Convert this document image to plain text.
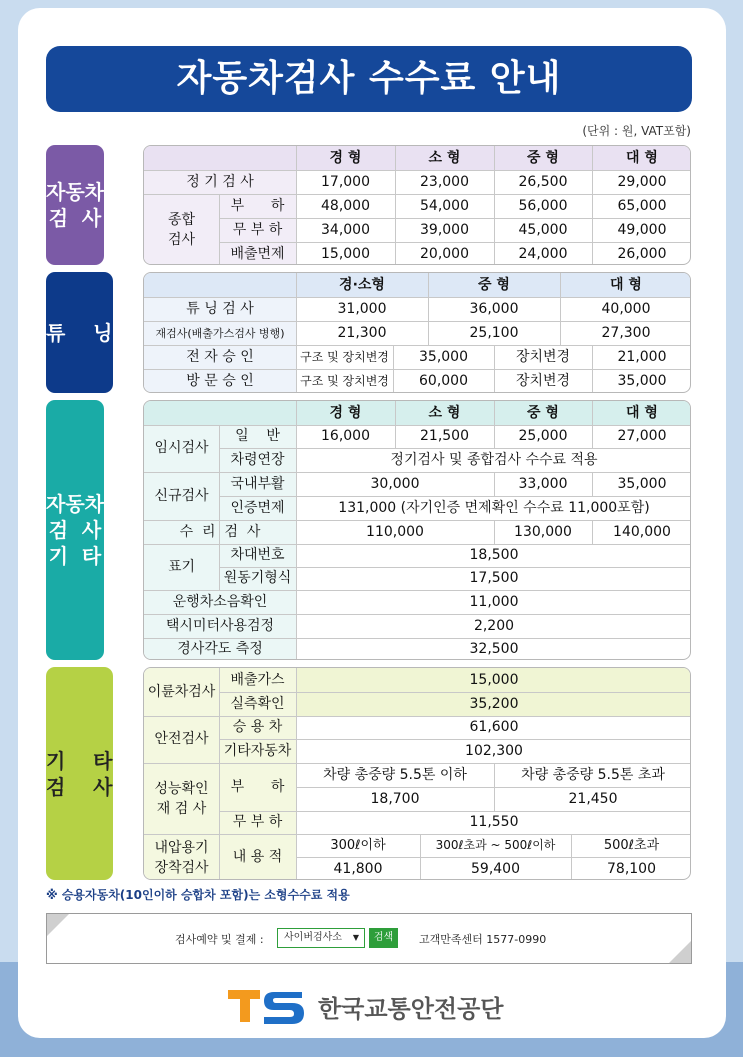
자동차검사 수수료 안내
(단위 : 원, VAT포함)
자동차
검  사
튜    닝
자동차
검  사
기  타
기    타
검    사
경 형	소 형	중 형	대 형
정 기 검 사	17,000	23,000	26,500	29,000
종합
검사
부      하	48,000	54,000	56,000	65,000
무 부 하	34,000	39,000	45,000	49,000
배출면제	15,000	20,000	24,000	26,000
경·소형	중 형	대 형
튜 닝 검 사	31,000	36,000	40,000
재검사(배출가스검사 병행)	21,300	25,100	27,300
전 자 승 인	구조 및 장치변경	35,000	장치변경	21,000
방 문 승 인	구조 및 장치변경	60,000	장치변경	35,000
경 형	소 형	중 형	대 형
임시검사
일    반	16,000	21,500	25,000	27,000
차령연장	정기검사 및 종합검사 수수료 적용
신규검사
국내부활	30,000	33,000	35,000
인증면제	131,000 (자기인증 면제확인 수수료 11,000포함)
수  리  검  사	110,000	130,000	140,000
표기
차대번호	18,500
원동기형식	17,500
운행차소음확인	11,000
택시미터사용검정	2,200
경사각도 측정	32,500
이륜차검사
배출가스	15,000
실측확인	35,200
안전검사
승 용 차	61,600
기타자동차	102,300
성능확인
재 검 사
부      하
차량 총중량 5.5톤 이하	차량 총중량 5.5톤 초과
18,700	21,450
무 부 하	11,550
내압용기
장착검사
내 용 적
300ℓ이하	300ℓ초과 ~ 500ℓ이하	500ℓ초과
41,800	59,400	78,100
※ 승용자동차(10인이하 승합차 포함)는 소형수수료 적용
검사예약 및 결제 :	사이버검사소 ▼	검색	고객만족센터 1577-0990
한국교통안전공단
